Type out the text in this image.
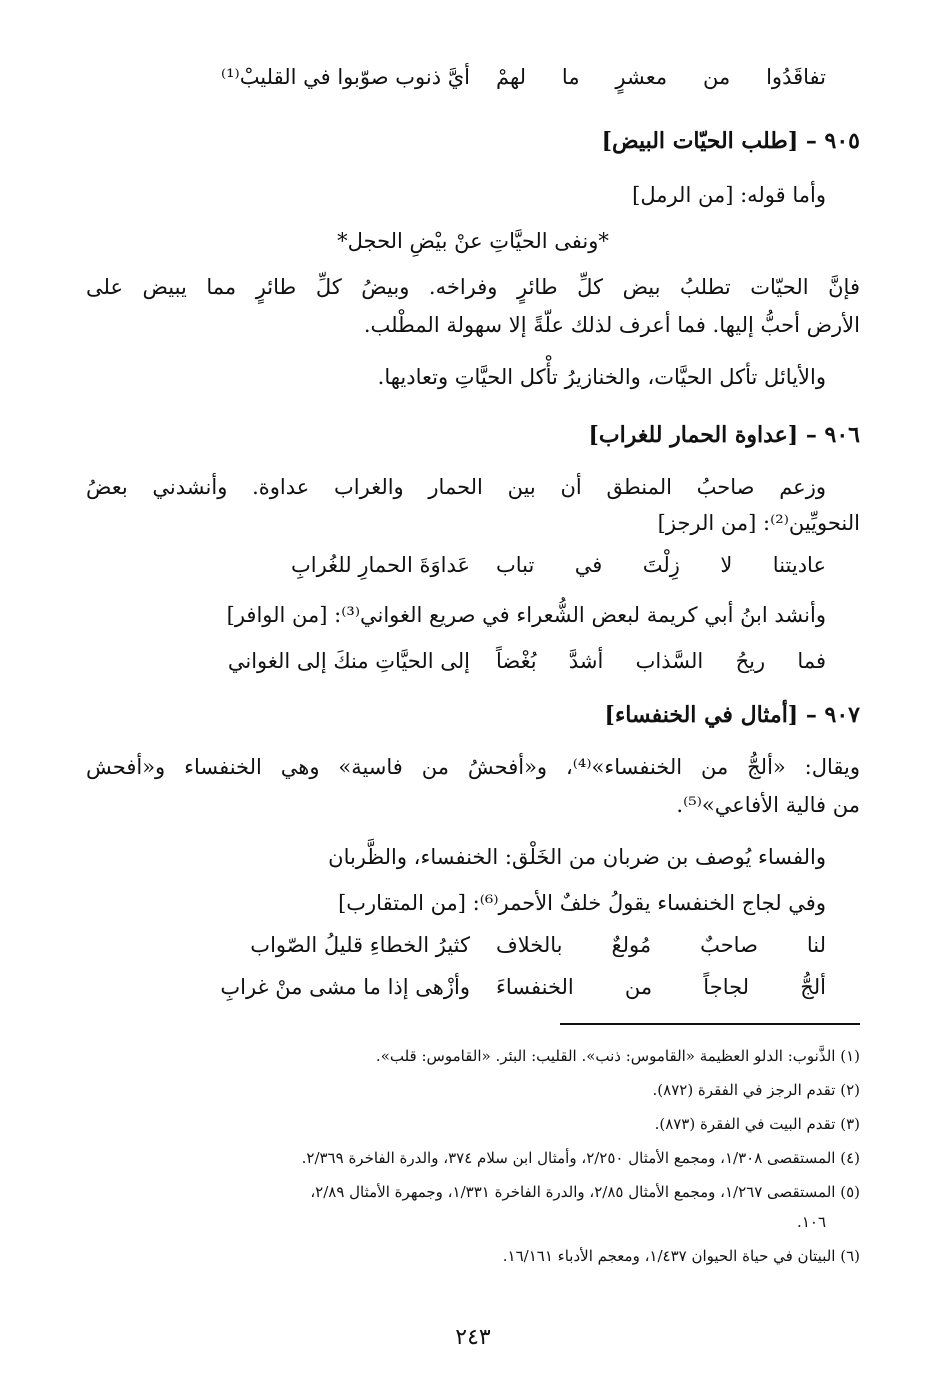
تفاقَدُوا من معشرٍ ما لهمْ
أيَّ ذنوب صوّبوا في القليبْ⁽¹⁾
٩٠٥ – [طلب الحيّات البيض]
وأما قوله: [من الرمل]
*ونفى الحيَّاتِ عنْ بيْضِ الحجل*
فإنَّ الحيّات تطلبُ بيض كلِّ طائرٍ وفراخه. وبيضُ كلِّ طائرٍ مما يبيض على
الأرض أحبُّ إليها. فما أعرف لذلك علّةً إلا سهولة المطْلب.
والأيائل تأكل الحيَّات، والخنازيرُ تأْكل الحيَّاتِ وتعاديها.
٩٠٦ – [عداوة الحمار للغراب]
وزعم صاحبُ المنطق أن بين الحمار والغراب عداوة. وأنشدني بعضُ
النحويِّين⁽²⁾: [من الرجز]
عاديتنا لا زِلْتَ في تباب
عَداوَةَ الحمارِ للغُرابِ
وأنشد ابنُ أبي كريمة لبعض الشُّعراء في صريع الغواني⁽³⁾: [من الوافر]
فما ريحُ السَّذاب أشدَّ بُغْضاً
إلى الحيَّاتِ منكَ إلى الغواني
٩٠٧ – [أمثال في الخنفساء]
ويقال: «ألجُّ من الخنفساء»⁽⁴⁾، و«أفحشُ من فاسية» وهي الخنفساء و«أفحش
من فالية الأفاعي»⁽⁵⁾.
والفساء يُوصف بن ضربان من الخَلْق: الخنفساء، والظَّربان
وفي لجاج الخنفساء يقولُ خلفٌ الأحمر⁽⁶⁾: [من المتقارب]
لنا صاحبٌ مُولعٌ بالخلاف
كثيرُ الخطاءِ قليلُ الصّواب
ألجُّ لجاجاً من الخنفساءَ
وأزْهى إذا ما مشى منْ غرابِ
(١) الذَّنوب: الدلو العظيمة «القاموس: ذنب». القليب: البئر. «القاموس: قلب».
(٢) تقدم الرجز في الفقرة (٨٧٢).
(٣) تقدم البيت في الفقرة (٨٧٣).
(٤) المستقصى ١/٣٠٨، ومجمع الأمثال ٢/٢٥٠، وأمثال ابن سلام ٣٧٤، والدرة الفاخرة ٢/٣٦٩.
(٥) المستقصى ١/٢٦٧، ومجمع الأمثال ٢/٨٥، والدرة الفاخرة ١/٣٣١، وجمهرة الأمثال ٢/٨٩،
١٠٦.
(٦) البيتان في حياة الحيوان ١/٤٣٧، ومعجم الأدباء ١٦/١٦١.
٢٤٣
